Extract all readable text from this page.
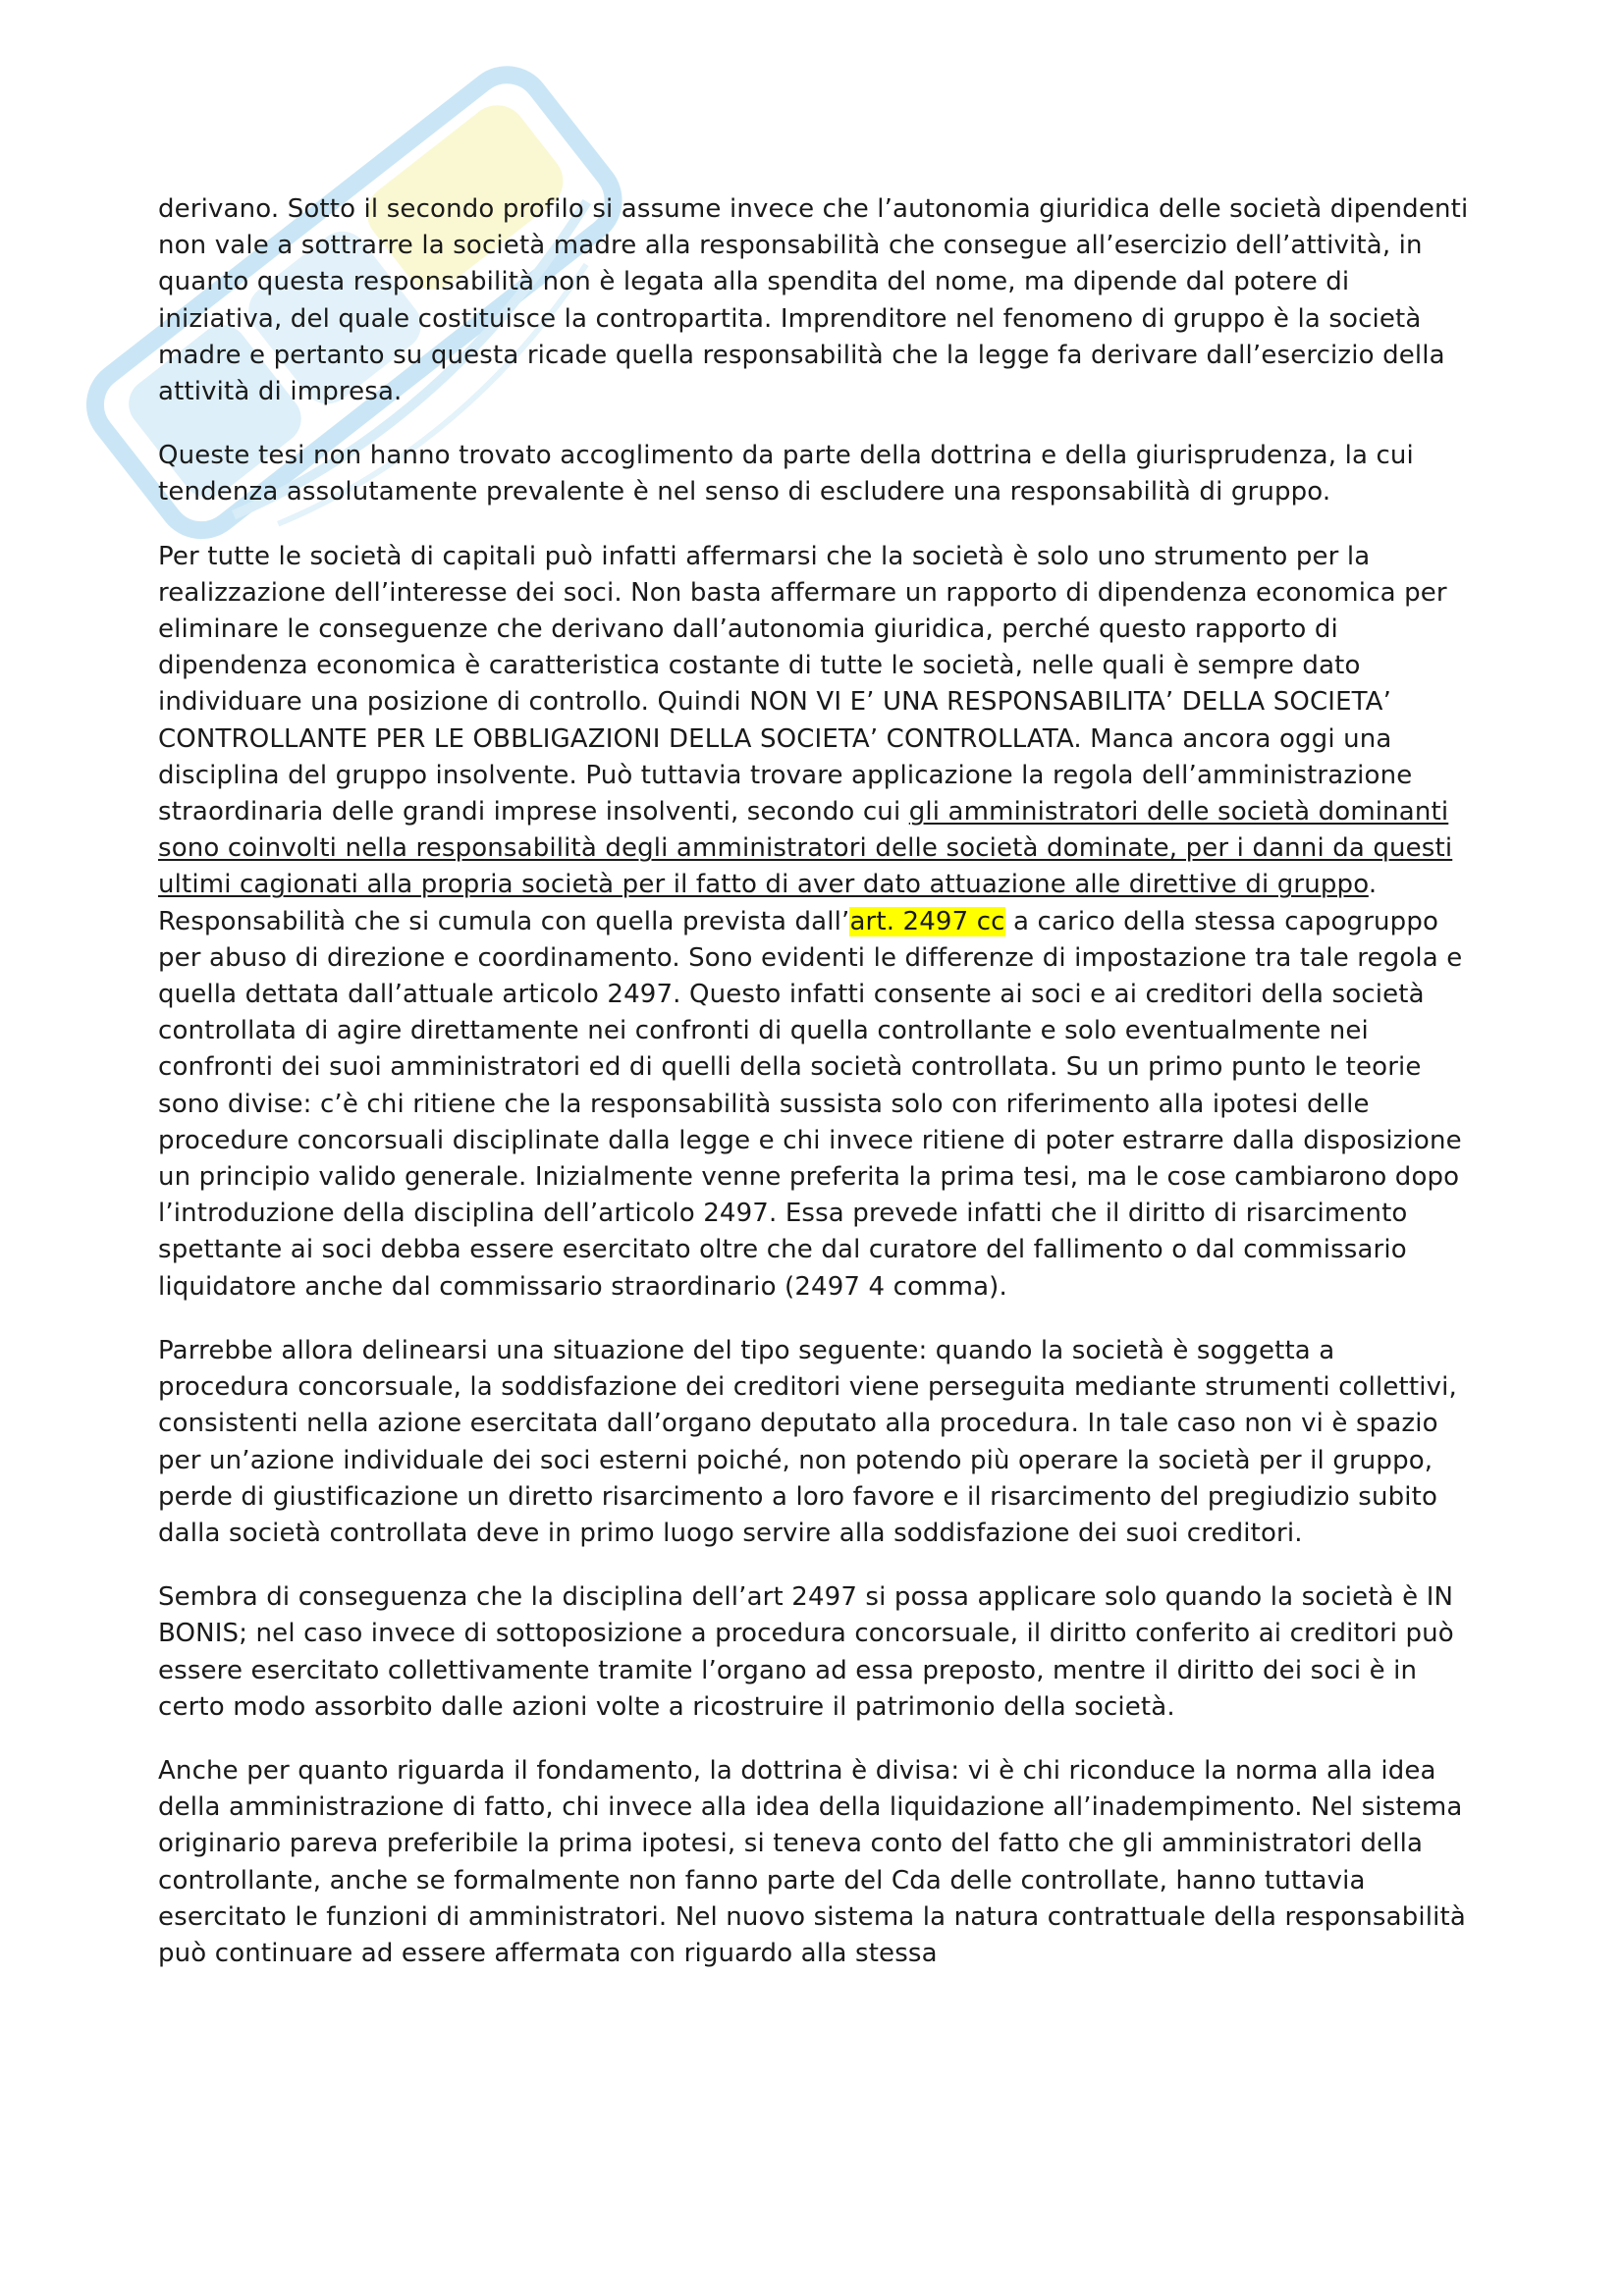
derivano. Sotto il secondo profilo si assume invece che l’autonomia giuridica delle società dipendenti non vale a sottrarre la società madre alla responsabilità che consegue all’esercizio dell’attività, in quanto questa responsabilità non è legata alla spendita del nome, ma dipende dal potere di iniziativa, del quale costituisce la contropartita. Imprenditore nel fenomeno di gruppo è la società madre e pertanto su questa ricade quella responsabilità che la legge fa derivare dall’esercizio della attività di impresa.

Queste tesi non hanno trovato accoglimento da parte della dottrina e della giurisprudenza, la cui tendenza assolutamente prevalente è nel senso di escludere una responsabilità di gruppo.

Per tutte le società di capitali può infatti affermarsi che la società è solo uno strumento per la realizzazione dell’interesse dei soci. Non basta affermare un rapporto di dipendenza economica per eliminare le conseguenze che derivano dall’autonomia giuridica, perché questo rapporto di dipendenza economica è caratteristica costante di tutte le società, nelle quali è sempre dato individuare una posizione di controllo. Quindi NON VI E’ UNA RESPONSABILITA’ DELLA SOCIETA’ CONTROLLANTE PER LE OBBLIGAZIONI DELLA SOCIETA’ CONTROLLATA. Manca ancora oggi una disciplina del gruppo insolvente. Può tuttavia trovare applicazione la regola dell’amministrazione straordinaria delle grandi imprese insolventi, secondo cui gli amministratori delle società dominanti sono coinvolti nella responsabilità degli amministratori delle società dominate, per i danni da questi ultimi cagionati alla propria società per il fatto di aver dato attuazione alle direttive di gruppo. Responsabilità che si cumula con quella prevista dall’art. 2497 cc a carico della stessa capogruppo per abuso di direzione e coordinamento. Sono evidenti le differenze di impostazione tra tale regola e quella dettata dall’attuale articolo 2497. Questo infatti consente ai soci e ai creditori della società controllata di agire direttamente nei confronti di quella controllante e solo eventualmente nei confronti dei suoi amministratori ed di quelli della società controllata. Su un primo punto le teorie sono divise: c’è chi ritiene che la responsabilità sussista solo con riferimento alla ipotesi delle procedure concorsuali disciplinate dalla legge e chi invece ritiene di poter estrarre dalla disposizione un principio valido generale. Inizialmente venne preferita la prima tesi, ma le cose cambiarono dopo l’introduzione della disciplina dell’articolo 2497. Essa prevede infatti che il diritto di risarcimento spettante ai soci debba essere esercitato oltre che dal curatore del fallimento o dal commissario liquidatore anche dal commissario straordinario (2497 4 comma).

Parrebbe allora delinearsi una situazione del tipo seguente: quando la società è soggetta a procedura concorsuale, la soddisfazione dei creditori viene perseguita mediante strumenti collettivi, consistenti nella azione esercitata dall’organo deputato alla procedura. In tale caso non vi è spazio per un’azione individuale dei soci esterni poiché, non potendo più operare la società per il gruppo, perde di giustificazione un diretto risarcimento a loro favore e il risarcimento del pregiudizio subito dalla società controllata deve in primo luogo servire alla soddisfazione dei suoi creditori.

Sembra di conseguenza che la disciplina dell’art 2497 si possa applicare solo quando la società è IN BONIS; nel caso invece di sottoposizione a procedura concorsuale, il diritto conferito ai creditori può essere esercitato collettivamente tramite l’organo ad essa preposto, mentre il diritto dei soci è in certo modo assorbito dalle azioni volte a ricostruire il patrimonio della società.

Anche per quanto riguarda il fondamento, la dottrina è divisa: vi è chi riconduce la norma alla idea della amministrazione di fatto, chi invece alla idea della liquidazione all’inadempimento. Nel sistema originario pareva preferibile la prima ipotesi, si teneva conto del fatto che gli amministratori della controllante, anche se formalmente non fanno parte del Cda delle controllate, hanno tuttavia esercitato le funzioni di amministratori. Nel nuovo sistema la natura contrattuale della responsabilità può continuare ad essere affermata con riguardo alla stessa
